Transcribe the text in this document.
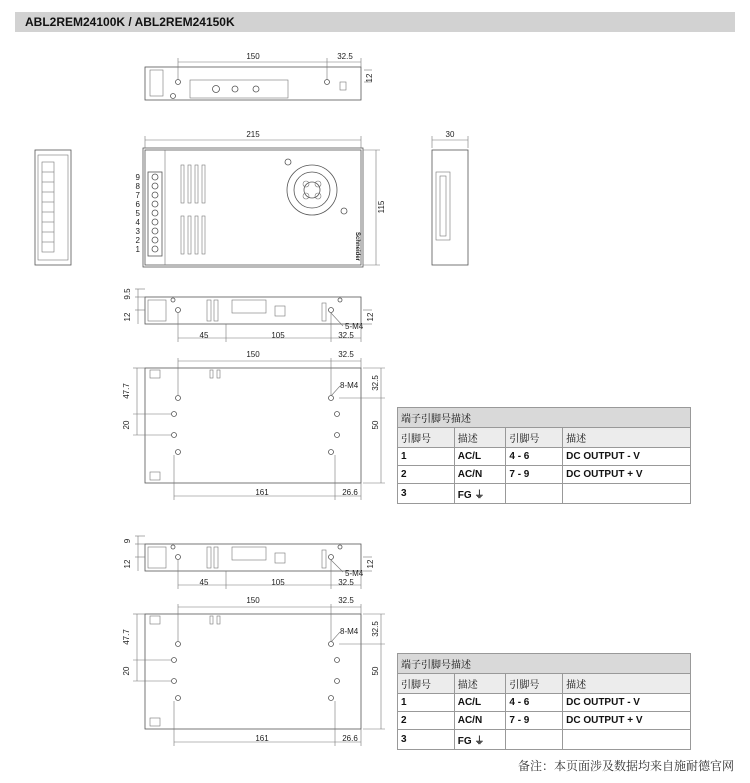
ABL2REM24100K / ABL2REM24150K
150	32.5
12
9
8
7
6
5
4
3
2
1	Schneider
215
115
30
9.5
12	12
5-M4
45	105	32.5
150	32.5
47.7
20
8-M4 32.5
50
161	26.6
9
12	12
5-M4
45	105	32.5
150	32.5
47.7
20
8-M4 32.5
50
161	26.6
端子引脚号描述			
引脚号	描述	引脚号	描述
1	AC/L	4 - 6	DC OUTPUT - V
2	AC/N	7 - 9	DC OUTPUT + V
3	FG ⏚		
端子引脚号描述			
引脚号	描述	引脚号	描述
1	AC/L	4 - 6	DC OUTPUT - V
2	AC/N	7 - 9	DC OUTPUT + V
3	FG ⏚		
备注：本页面涉及数据均来自施耐德官网
